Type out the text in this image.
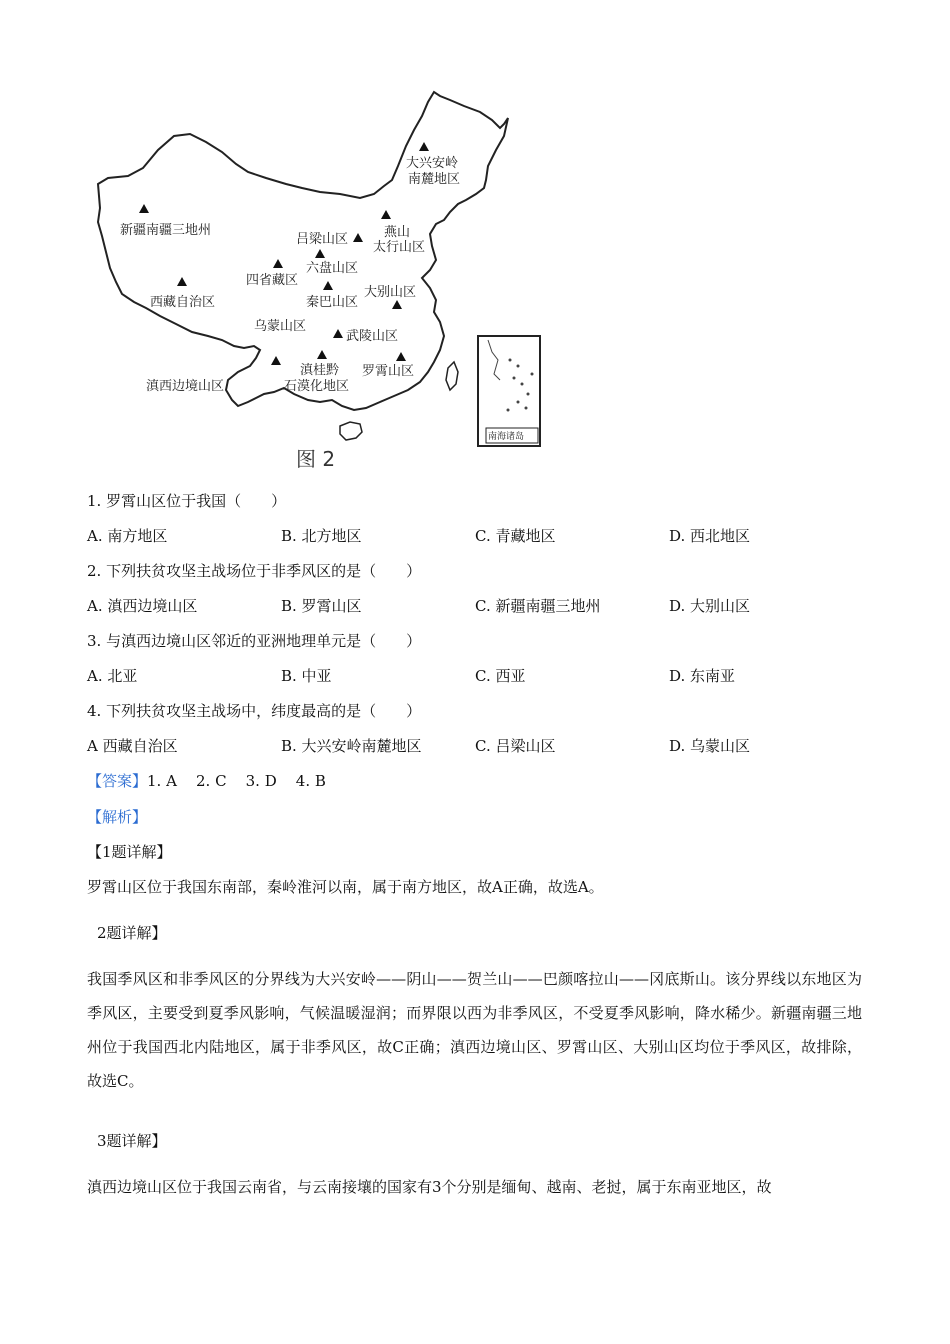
南海诸岛
大兴安岭
南麓地区
新疆南疆三地州	燕山
太行山区
吕梁山区
六盘山区
四省藏区
西藏自治区	秦巴山区
大别山区
乌蒙山区
武陵山区
滇桂黔
石漠化地区
罗霄山区
滇西边境山区
图 2
1. 罗霄山区位于我国（　　）
A. 南方地区	B. 北方地区	C. 青藏地区	D. 西北地区
2. 下列扶贫攻坚主战场位于非季风区的是（　　）
A. 滇西边境山区	B. 罗霄山区	C. 新疆南疆三地州	D. 大别山区
3. 与滇西边境山区邻近的亚洲地理单元是（　　）
A. 北亚	B. 中亚	C. 西亚	D. 东南亚
4. 下列扶贫攻坚主战场中，纬度最高的是（　　）
A 西藏自治区	B. 大兴安岭南麓地区	C. 吕梁山区	D. 乌蒙山区
【答案】1. A    2. C    3. D    4. B
【解析】
【1题详解】
罗霄山区位于我国东南部，秦岭淮河以南，属于南方地区，故A正确，故选A。
2题详解】
我国季风区和非季风区的分界线为大兴安岭——阴山——贺兰山——巴颜喀拉山——冈底斯山。该分界线以东地区为季风区，主要受到夏季风影响，气候温暖湿润；而界限以西为非季风区，不受夏季风影响，降水稀少。新疆南疆三地州位于我国西北内陆地区，属于非季风区，故C正确；滇西边境山区、罗霄山区、大别山区均位于季风区，故排除，故选C。
3题详解】
滇西边境山区位于我国云南省，与云南接壤的国家有3个分别是缅甸、越南、老挝，属于东南亚地区，故
